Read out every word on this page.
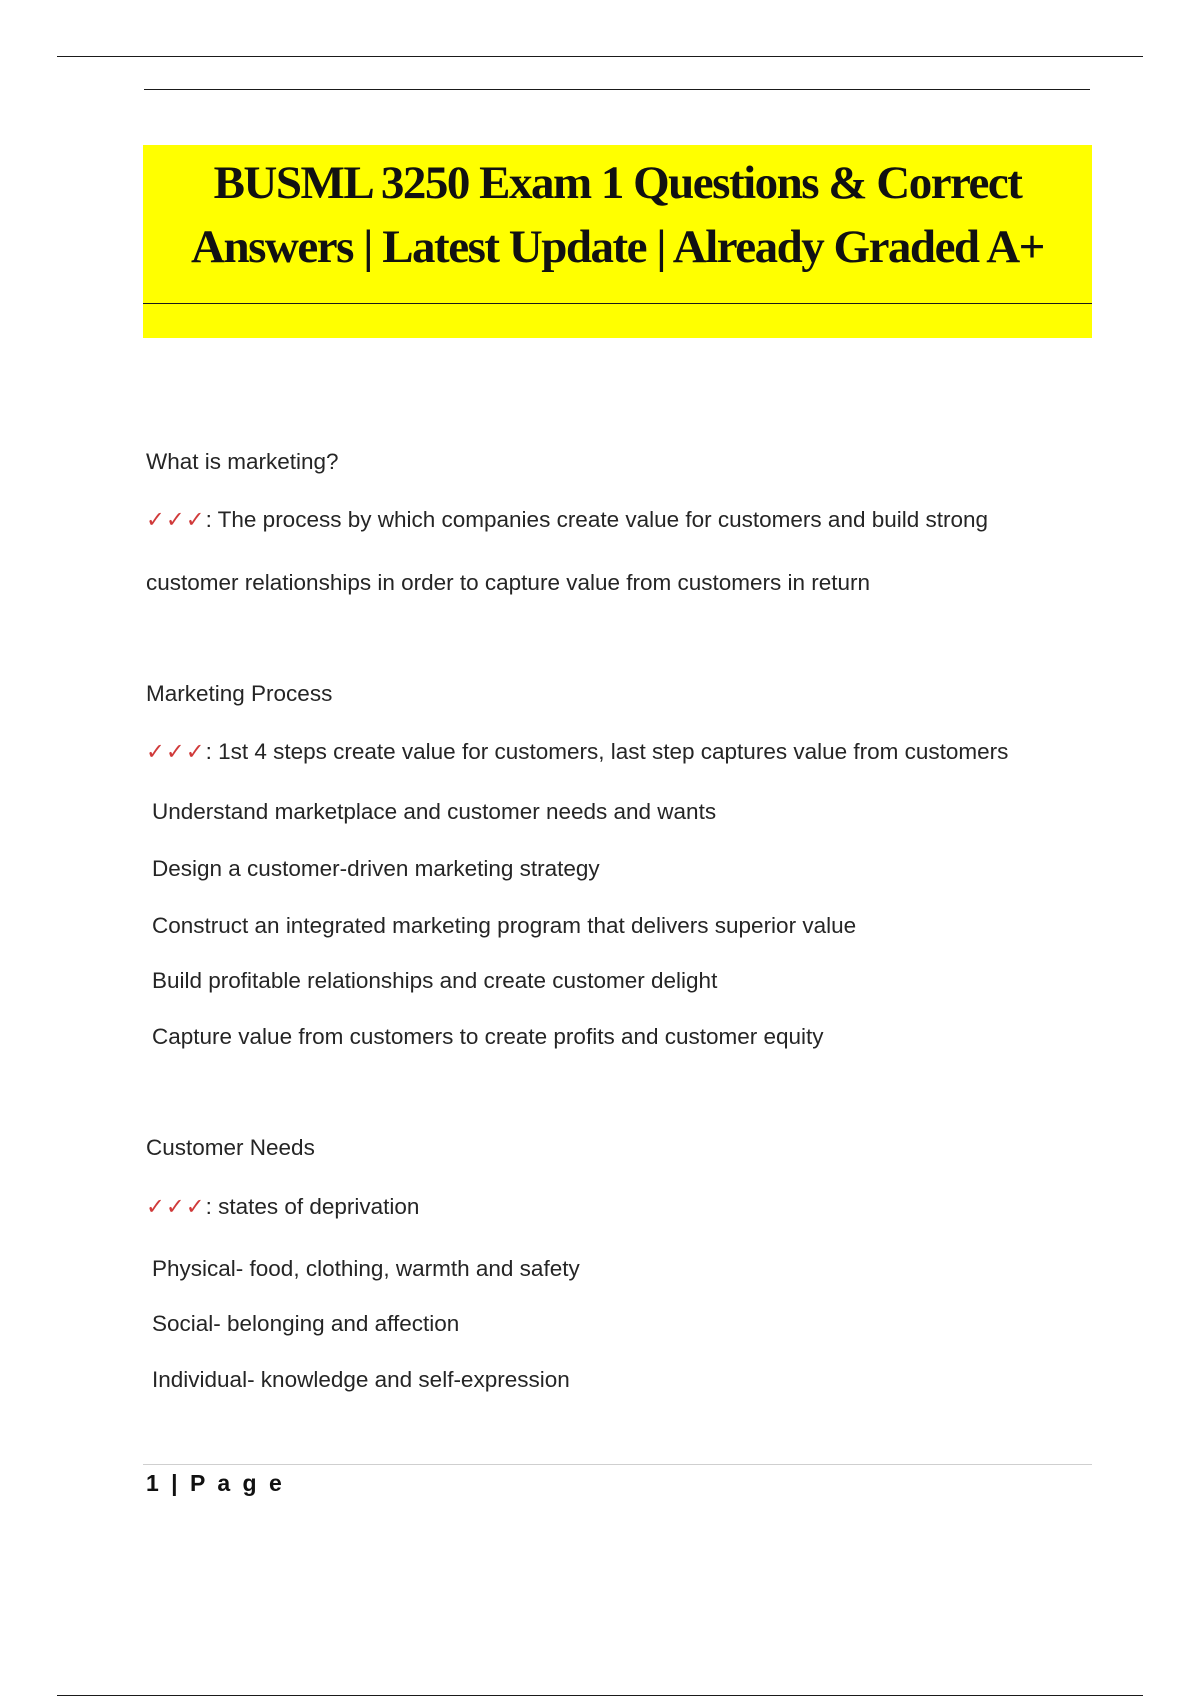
BUSML 3250 Exam 1 Questions & Correct
Answers | Latest Update | Already Graded A+
What is marketing?
✓✓✓: The process by which companies create value for customers and build strong
customer relationships in order to capture value from customers in return
Marketing Process
✓✓✓: 1st 4 steps create value for customers, last step captures value from customers
Understand marketplace and customer needs and wants
Design a customer-driven marketing strategy
Construct an integrated marketing program that delivers superior value
Build profitable relationships and create customer delight
Capture value from customers to create profits and customer equity
Customer Needs
✓✓✓: states of deprivation
Physical- food, clothing, warmth and safety
Social- belonging and affection
Individual- knowledge and self-expression
1 | P a g e
